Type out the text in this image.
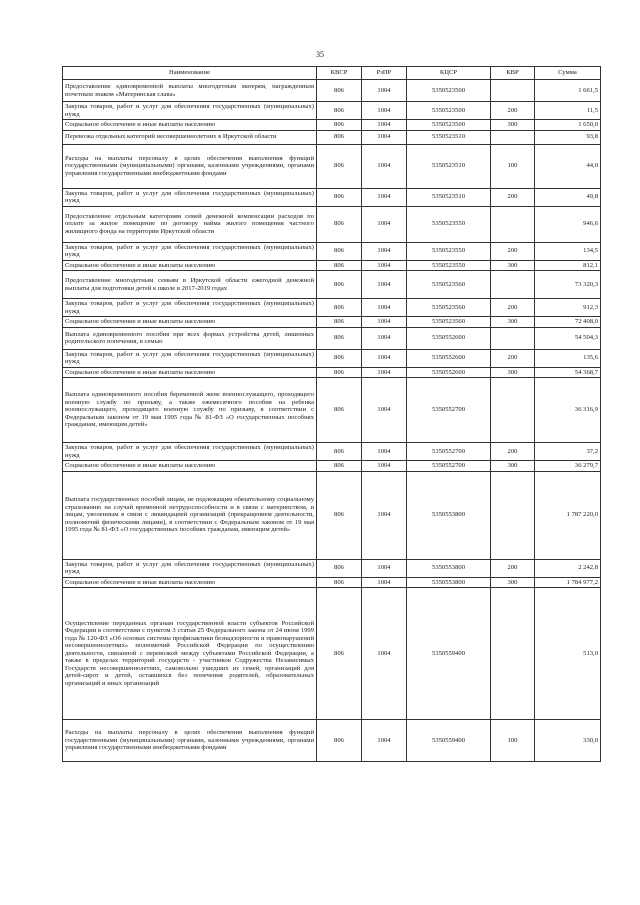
35
Наименование	КВСР	РзПР	КЦСР	КВР	Сумма
Предоставление единовременной выплаты многодетным матерям, награжденным почетным знаком «Материнская слава»	806	1004	5350523500		1 661,5
Закупка товаров, работ и услуг для обеспечения государственных (муниципальных) нужд	806	1004	5350523500	200	11,5
Социальное обеспечение и иные выплаты населению	806	1004	5350523500	300	1 650,0
Перевозка отдельных категорий несовершеннолетних в Иркутской области	806	1004	5350523510		93,8
Расходы на выплаты персоналу в целях обеспечения выполнения функций государственными (муниципальными) органами, казенными учреждениями, органами управления государственными внебюджетными фондами	806	1004	5350523510	100	44,0
Закупка товаров, работ и услуг для обеспечения государственных (муниципальных) нужд	806	1004	5350523510	200	49,8
Предоставление отдельным категориям семей денежной компенсации расходов по оплате за жилое помещение по договору найма жилого помещения частного жилищного фонда на территории Иркутской области	806	1004	5350523550		946,6
Закупка товаров, работ и услуг для обеспечения государственных (муниципальных) нужд	806	1004	5350523550	200	134,5
Социальное обеспечение и иные выплаты населению	806	1004	5350523550	300	812,1
Предоставление многодетным семьям в Иркутской области ежегодной денежной выплаты для подготовки детей к школе в 2017-2019 годах	806	1004	5350523560		73 320,3
Закупка товаров, работ и услуг для обеспечения государственных (муниципальных) нужд	806	1004	5350523560	200	912,3
Социальное обеспечение и иные выплаты населению	806	1004	5350523560	300	72 408,0
Выплата единовременного пособия при всех формах устройства детей, лишенных родительского попечения, в семью	806	1004	5350552600		54 504,3
Закупка товаров, работ и услуг для обеспечения государственных (муниципальных) нужд	806	1004	5350552600	200	135,6
Социальное обеспечение и иные выплаты населению	806	1004	5350552600	300	54 368,7
Выплата единовременного пособия беременной жене военнослужащего, проходящего военную службу по призыву, а также ежемесячного пособия на ребенка военнослужащего, проходящего военную службу по призыву, в соответствии с Федеральным законом от 19 мая 1995 года № 81-ФЗ «О государственных пособиях гражданам, имеющим детей»	806	1004	5350552700		36 316,9
Закупка товаров, работ и услуг для обеспечения государственных (муниципальных) нужд	806	1004	5350552700	200	37,2
Социальное обеспечение и иные выплаты населению	806	1004	5350552700	300	36 279,7
Выплата государственных пособий лицам, не подлежащим обязательному социальному страхованию на случай временной нетрудоспособности и в связи с материнством, и лицам, уволенным в связи с ликвидацией организаций (прекращением деятельности, полномочий физическими лицами), в соответствии с Федеральным законом от 19 мая 1995 года № 81-ФЗ «О государственных пособиях гражданам, имеющим детей»	806	1004	5350553800		1 787 220,0
Закупка товаров, работ и услуг для обеспечения государственных (муниципальных) нужд	806	1004	5350553800	200	2 242,8
Социальное обеспечение и иные выплаты населению	806	1004	5350553800	300	1 784 977,2
Осуществление переданных органам государственной власти субъектов Российской Федерации в соответствии с пунктом 3 статьи 25 Федерального закона от 24 июня 1999 года № 120-ФЗ «Об основах системы профилактики безнадзорности и правонарушений несовершеннолетних» полномочий Российской Федерации по осуществлению деятельности, связанной с перевозкой между субъектами Российской Федерации, а также в пределах территорий государств - участников Содружества Независимых Государств несовершеннолетних, самовольно ушедших из семей, организаций для детей-сирот и детей, оставшихся без попечения родителей, образовательных организаций и иных организаций	806	1004	5350559400		513,0
Расходы на выплаты персоналу в целях обеспечения выполнения функций государственными (муниципальными) органами, казенными учреждениями, органами управления государственными внебюджетными фондами	806	1004	5350559400	100	330,0
